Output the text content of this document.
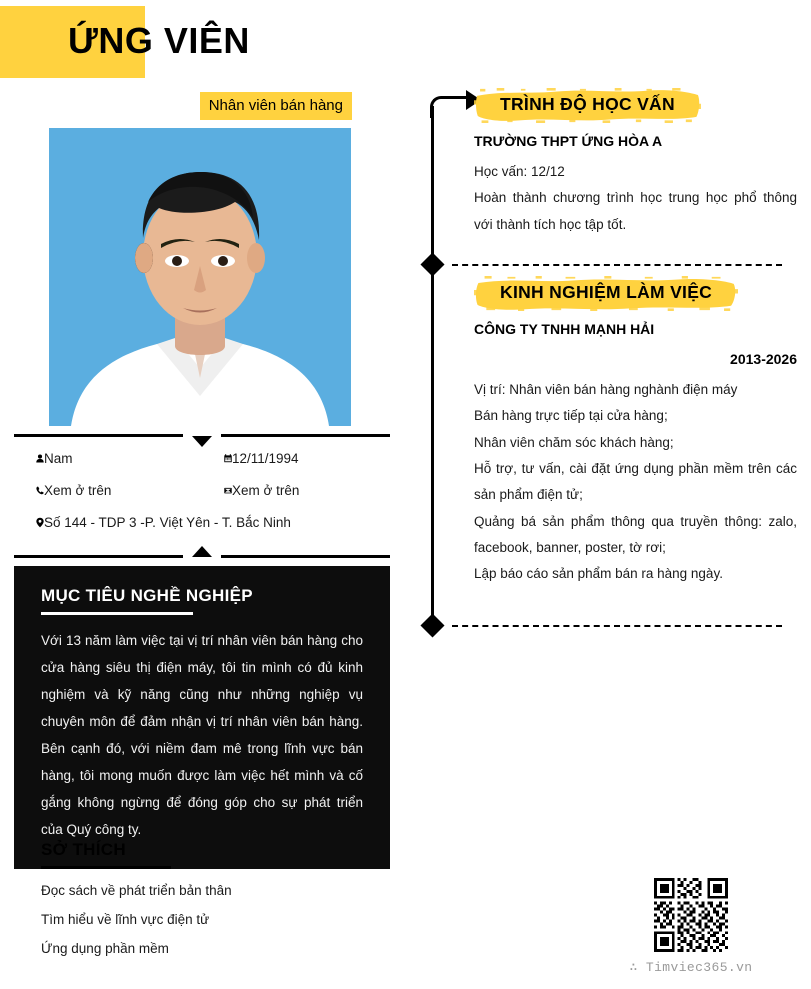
ỨNG VIÊN
Nhân viên bán hàng
Nam	12/11/1994
Xem ở trên	Xem ở trên
Số 144 - TDP 3 -P. Việt Yên - T. Bắc Ninh
MỤC TIÊU NGHỀ NGHIỆP
Với 13 năm làm việc tại vị trí nhân viên bán hàng cho cửa hàng siêu thị điện máy, tôi tin mình có đủ kinh nghiệm và kỹ năng cũng như những nghiệp vụ chuyên môn để đảm nhận vị trí nhân viên bán hàng. Bên cạnh đó, với niềm đam mê trong lĩnh vực bán hàng, tôi mong muốn được làm việc hết mình và cố gắng không ngừng để đóng góp cho sự phát triển của Quý công ty.
SỞ THÍCH
Đọc sách về phát triển bản thân
Tìm hiểu về lĩnh vực điện tử
Ứng dụng phần mềm
TRÌNH ĐỘ HỌC VẤN
TRƯỜNG THPT ỨNG HÒA A
Học vấn: 12/12
Hoàn thành chương trình học trung học phổ thông với thành tích học tập tốt.
KINH NGHIỆM LÀM VIỆC
CÔNG TY TNHH MẠNH HẢI
2013-2026
Vị trí: Nhân viên bán hàng nghành điện máy
Bán hàng trực tiếp tại cửa hàng;
Nhân viên chăm sóc khách hàng;
Hỗ trợ, tư vấn, cài đặt ứng dụng phần mềm trên các sản phẩm điện tử;
Quảng bá sản phẩm thông qua truyền thông: zalo, facebook, banner, poster, tờ rơi;
Lập báo cáo sản phẩm bán ra hàng ngày.
∴ Timviec365.vn
